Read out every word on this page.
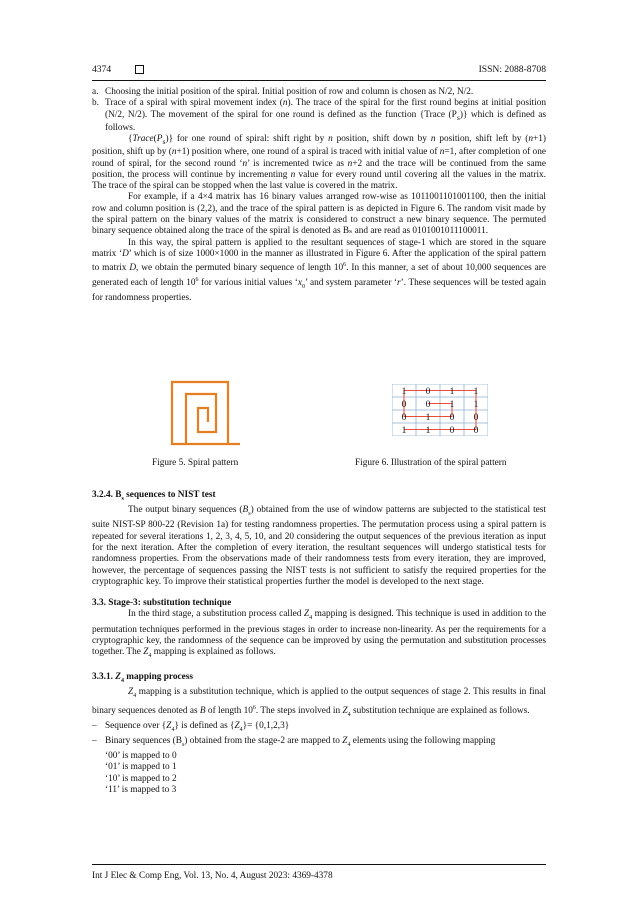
4374	ISSN: 2088-8708

a. Choosing the initial position of the spiral. Initial position of row and column is chosen as N/2, N/2.

b. Trace of a spiral with spiral movement index (n). The trace of the spiral for the first round begins at initial position (N/2, N/2). The movement of the spiral for one round is defined as the function {Trace $(P_s)$} which is defined as follows.

$\{Trace(P_s)\}$ for one round of spiral: shift right by n position, shift down by n position, shift left by (n+1) position, shift up by (n+1) position where, one round of a spiral is traced with initial value of n=1, after completion of one round of spiral, for the second round ‘n’ is incremented twice as n+2 and the trace will be continued from the same position, the process will continue by incrementing n value for every round until covering all the values in the matrix. The trace of the spiral can be stopped when the last value is covered in the matrix.

For example, if a 4×4 matrix has 16 binary values arranged row-wise as 1011001101001100, then the initial row and column position is (2,2), and the trace of the spiral pattern is as depicted in Figure 6. The random visit made by the spiral pattern on the binary values of the matrix is considered to construct a new binary sequence. The permuted binary sequence obtained along the trace of the spiral is denoted as Bₛ and are read as 0101001011100011.

In this way, the spiral pattern is applied to the resultant sequences of stage-1 which are stored in the square matrix ‘D’ which is of size 1000×1000 in the manner as illustrated in Figure 6. After the application of the spiral pattern to matrix D, we obtain the permuted binary sequence of length $10^6$. In this manner, a set of about 10,000 sequences are generated each of length $10^6$ for various initial values ‘$x_0$’ and system parameter ‘r’. These sequences will be tested again for randomness properties.

1 0 1 1
0 0 1 1
0 1 0 0
1 1 0 0
Figure 5. Spiral pattern	Figure 6. Illustration of the spiral pattern

3.2.4. $B_s$ sequences to NIST test

The output binary sequences $(B_s)$ obtained from the use of window patterns are subjected to the statistical test suite NIST-SP 800-22 (Revision 1a) for testing randomness properties. The permutation process using a spiral pattern is repeated for several iterations 1, 2, 3, 4, 5, 10, and 20 considering the output sequences of the previous iteration as input for the next iteration. After the completion of every iteration, the resultant sequences will undergo statistical tests for randomness properties. From the observations made of their randomness tests from every iteration, they are improved, however, the percentage of sequences passing the NIST tests is not sufficient to satisfy the required properties for the cryptographic key. To improve their statistical properties further the model is developed to the next stage.

3.3. Stage-3: substitution technique

In the third stage, a substitution process called $Z_4$ mapping is designed. This technique is used in addition to the permutation techniques performed in the previous stages in order to increase non-linearity. As per the requirements for a cryptographic key, the randomness of the sequence can be improved by using the permutation and substitution processes together. The $Z_4$ mapping is explained as follows.

3.3.1. $Z_4$ mapping process

$Z_4$ mapping is a substitution technique, which is applied to the output sequences of stage 2. This results in final binary sequences denoted as B of length $10^6$. The steps involved in $Z_4$ substitution technique are explained as follows.

– Sequence over $\{Z_4\}$ is defined as $\{Z_4\}= \{0,1,2,3\}$

– Binary sequences $(B_s)$ obtained from the stage-2 are mapped to $Z_4$ elements using the following mapping

‘00’ is mapped to 0

‘01’ is mapped to 1

‘10’ is mapped to 2

‘11’ is mapped to 3

Int J Elec & Comp Eng, Vol. 13, No. 4, August 2023: 4369-4378
